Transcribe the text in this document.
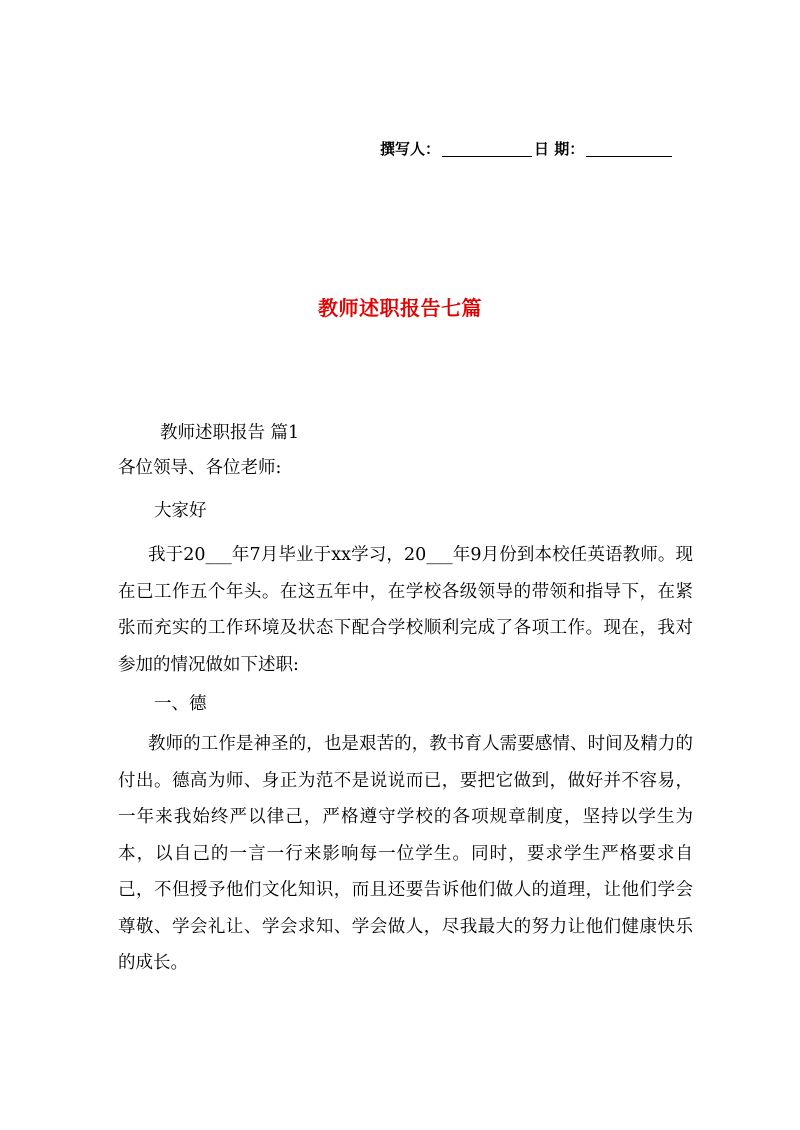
撰写人：	日 期：
教师述职报告七篇

教师述职报告 篇1

各位领导、各位老师:

大家好

我于20___年7月毕业于xx学习，20___年9月份到本校任英语教师。现在已工作五个年头。在这五年中，在学校各级领导的带领和指导下，在紧张而充实的工作环境及状态下配合学校顺利完成了各项工作。现在，我对参加的情况做如下述职:

一、德

教师的工作是神圣的，也是艰苦的，教书育人需要感情、时间及精力的付出。德高为师、身正为范不是说说而已，要把它做到，做好并不容易，一年来我始终严以律己，严格遵守学校的各项规章制度，坚持以学生为本，以自己的一言一行来影响每一位学生。同时，要求学生严格要求自己，不但授予他们文化知识，而且还要告诉他们做人的道理，让他们学会尊敬、学会礼让、学会求知、学会做人，尽我最大的努力让他们健康快乐的成长。
